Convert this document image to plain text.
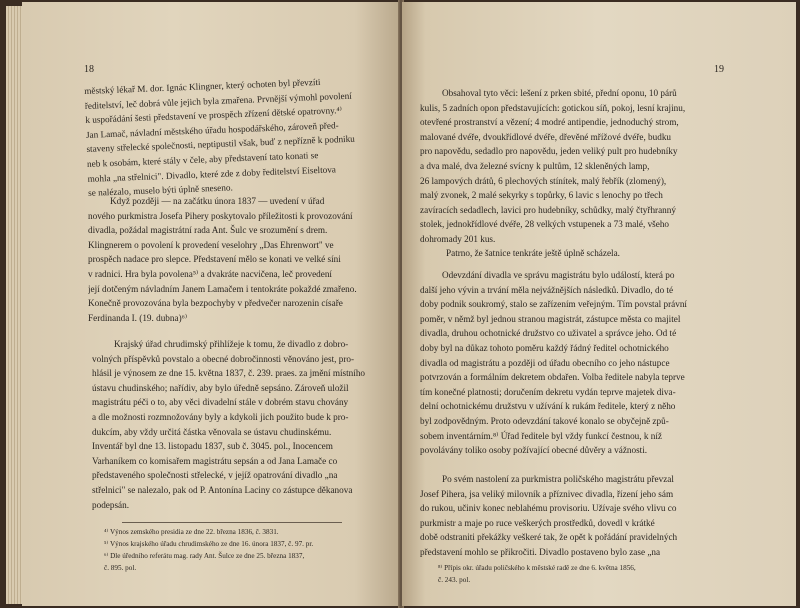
18
městský lékař M. dor. Ignác Klingner, který ochoten byl převzíti
ředitelství, leč dobrá vůle jejich byla zmařena. Prvnější výmohl povolení
k uspořádání šesti představení ve prospěch zřízení dětské opatrovny.⁴⁾
Jan Lamač, návladní městského úřadu hospodářského, zároveň před-
staveny střelecké společnosti, neptipustil však, buď z nepřízně k podniku
neb k osobám, které stály v čele, aby představení tato konati se
mohla „na střelnici". Divadlo, které zde z doby ředitelství Eiseltova
se nalézalo, muselo býti úplně sneseno.
Když později — na začátku února 1837 — uvedení v úřad
nového purkmistra Josefa Pihery poskytovalo příležitosti k provozování
divadla, požádal magistrátní rada Ant. Šulc ve srozumění s drem.
Klingnerem o povolení k provedení veselohry „Das Ehrenwort" ve
prospěch nadace pro slepce. Představení mělo se konati ve velké síni
v radnici. Hra byla povolena⁵⁾ a dvakráte nacvičena, leč provedení
její dotčeným návladním Janem Lamačem i tentokráte pokaždé zmařeno.
Konečně provozována byla bezpochyby v předvečer narozenin císaře
Ferdinanda I. (19. dubna)⁶⁾
Krajský úřad chrudimský přihlížeje k tomu, že divadlo z dobro-
volných příspěvků povstalo a obecné dobročinnosti věnováno jest, pro-
hlásil je výnosem ze dne 15. května 1837, č. 239. praes. za jmění místního
ústavu chudinského; nařídiv, aby bylo úředně sepsáno. Zároveň uložil
magistrátu péči o to, aby věci divadelní stále v dobrém stavu chovány
a dle možnosti rozmnožovány byly a kdykoli jich použito bude k pro-
dukcím, aby vždy určitá částka věnovala se ústavu chudinskému.
Inventář byl dne 13. listopadu 1837, sub č. 3045. pol., Inocencem
Varhaníkem co komisařem magistrátu sepsán a od Jana Lamače co
představeného společnosti střelecké, v jejíž opatrování divadlo „na
střelnici" se nalezalo, pak od P. Antonína Laciny co zástupce děkanova
podepsán.
⁴⁾ Výnos zemského presidia ze dne 22. března 1836, č. 3831.
⁵⁾ Výnos krajského úřadu chrudimského ze dne 16. února 1837, č. 97. pr.
⁶⁾ Dle úředního referátu mag. rady Ant. Šulce ze dne 25. března 1837,
č. 895. pol.
19
Obsahoval tyto věci: lešení z prken sbité, přední oponu, 10 párů
kulis, 5 zadních opon představujících: gotickou síň, pokoj, lesní krajinu,
otevřené prostranství a vězení; 4 modré antipendie, jednoduchý strom,
malované dvéře, dvoukřídlové dvéře, dřevěné mřížové dvéře, budku
pro napovědu, sedadlo pro napovědu, jeden veliký pult pro hudebníky
a dva malé, dva železné svícny k pultům, 12 skleněných lamp,
26 lampových drátů, 6 plechových stínítek, malý řebřík (zlomený),
malý zvonek, 2 malé sekyrky s topůrky, 6 lavic s lenochy po třech
zavíracích sedadlech, lavici pro hudebníky, schůdky, malý čtyřhranný
stolek, jednokřídlové dvéře, 28 velkých vstupenek a 73 malé, všeho
dohromady 201 kus.
Patrno, že šatnice tenkráte ještě úplně scházela.
Odevzdání divadla ve správu magistrátu bylo událostí, která po
další jeho vývin a trvání měla nejvážnějších následků. Divadlo, do té
doby podnik soukromý, stalo se zařízením veřejným. Tím povstal právní
poměr, v němž byl jednou stranou magistrát, zástupce města co majitel
divadla, druhou ochotnické družstvo co uživatel a správce jeho. Od té
doby byl na důkaz tohoto poměru každý řádný ředitel ochotnického
divadla od magistrátu a později od úřadu obecního co jeho nástupce
potvrzován a formálním dekretem obdařen. Volba ředitele nabyla teprve
tím konečné platnosti; doručením dekretu vydán teprve majetek diva-
delní ochotnickému družstvu v užívání k rukám ředitele, který z něho
byl zodpovědným. Proto odevzdání takové konalo se obyčejně způ-
sobem inventárním.⁸⁾ Úřad ředitele byl vždy funkcí čestnou, k níž
povolávány toliko osoby požívající obecné důvěry a vážnosti.
Po svém nastolení za purkmistra poličského magistrátu převzal
Josef Pihera, jsa veliký milovník a příznivec divadla, řízení jeho sám
do rukou, učiniv konec neblahému provisoriu. Užívaje svého vlivu co
purkmistr a maje po ruce veškerých prostředků, dovedl v krátké
době odstraniti překážky veškeré tak, že opět k pořádání pravidelných
představení mohlo se přikročiti. Divadlo postaveno bylo zase „na
⁸⁾ Přípis okr. úřadu poličského k městské radě ze dne 6. května 1856,
č. 243. pol.
